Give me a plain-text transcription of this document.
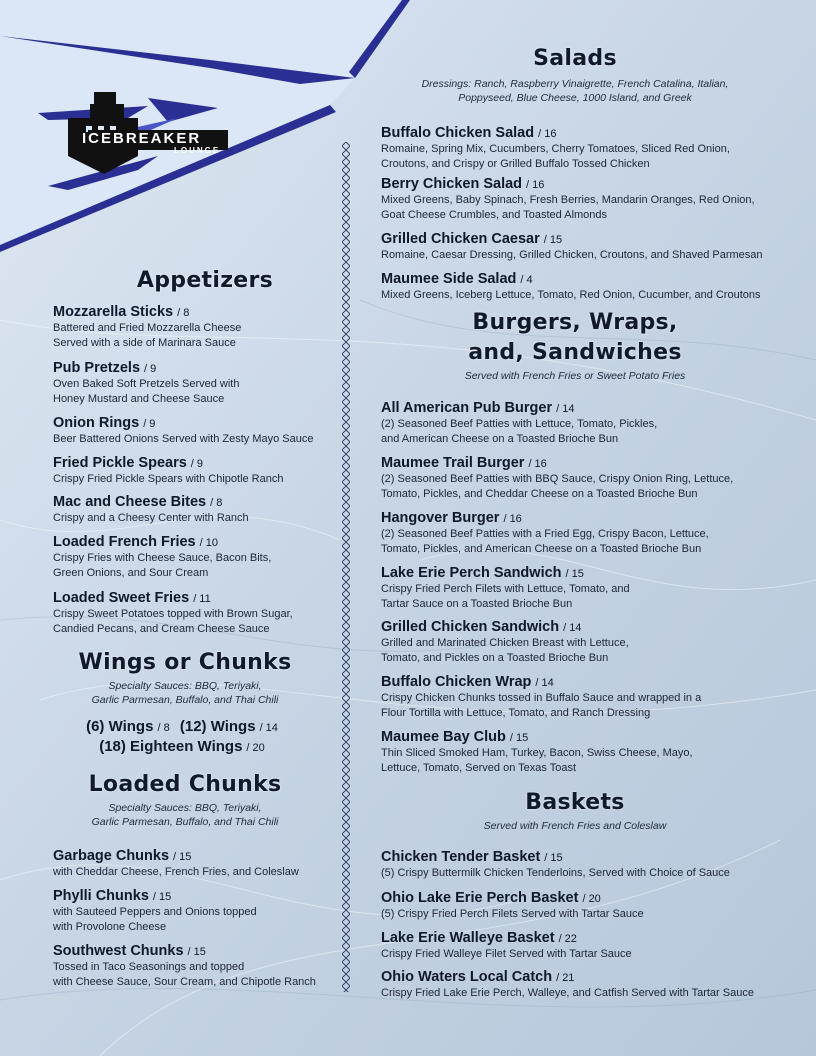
ICEBREAKER
LOUNGE
Salads
Dressings: Ranch, Raspberry Vinaigrette, French Catalina, Italian,
Poppyseed, Blue Cheese, 1000 Island, and Greek
Buffalo Chicken Salad / 16
Romaine, Spring Mix, Cucumbers, Cherry Tomatoes, Sliced Red Onion,
Croutons, and Crispy or Grilled Buffalo Tossed Chicken
Berry Chicken Salad / 16
Mixed Greens, Baby Spinach, Fresh Berries, Mandarin Oranges, Red Onion,
Goat Cheese Crumbles, and Toasted Almonds
Grilled Chicken Caesar / 15
Romaine, Caesar Dressing, Grilled Chicken, Croutons, and Shaved Parmesan
Maumee Side Salad / 4
Mixed Greens, Iceberg Lettuce, Tomato, Red Onion, Cucumber, and Croutons
Burgers, Wraps,
and, Sandwiches
Served with French Fries or Sweet Potato Fries
All American Pub Burger / 14
(2) Seasoned Beef Patties with Lettuce, Tomato, Pickles,
and American Cheese on a Toasted Brioche Bun
Maumee Trail Burger / 16
(2) Seasoned Beef Patties with BBQ Sauce, Crispy Onion Ring, Lettuce,
Tomato, Pickles, and Cheddar Cheese on a Toasted Brioche Bun
Hangover Burger / 16
(2) Seasoned Beef Patties with a Fried Egg, Crispy Bacon, Lettuce,
Tomato, Pickles, and American Cheese on a Toasted Brioche Bun
Lake Erie Perch Sandwich / 15
Crispy Fried Perch Filets with Lettuce, Tomato, and
Tartar Sauce on a Toasted Brioche Bun
Grilled Chicken Sandwich / 14
Grilled and Marinated Chicken Breast with Lettuce,
Tomato, and Pickles on a Toasted Brioche Bun
Buffalo Chicken Wrap / 14
Crispy Chicken Chunks tossed in Buffalo Sauce and wrapped in a
Flour Tortilla with Lettuce, Tomato, and Ranch Dressing
Maumee Bay Club / 15
Thin Sliced Smoked Ham, Turkey, Bacon, Swiss Cheese, Mayo,
Lettuce, Tomato, Served on Texas Toast
Baskets
Served with French Fries and Coleslaw
Chicken Tender Basket / 15
(5) Crispy Buttermilk Chicken Tenderloins, Served with Choice of Sauce
Ohio Lake Erie Perch Basket / 20
(5) Crispy Fried Perch Filets Served with Tartar Sauce
Lake Erie Walleye Basket / 22
Crispy Fried Walleye Filet Served with Tartar Sauce
Ohio Waters Local Catch / 21
Crispy Fried Lake Erie Perch, Walleye, and Catfish Served with Tartar Sauce
Appetizers
Mozzarella Sticks / 8
Battered and Fried Mozzarella Cheese
Served with a side of Marinara Sauce
Pub Pretzels / 9
Oven Baked Soft Pretzels Served with
Honey Mustard and Cheese Sauce
Onion Rings / 9
Beer Battered Onions Served with Zesty Mayo Sauce
Fried Pickle Spears / 9
Crispy Fried Pickle Spears with Chipotle Ranch
Mac and Cheese Bites / 8
Crispy and a Cheesy Center with Ranch
Loaded French Fries / 10
Crispy Fries with Cheese Sauce, Bacon Bits,
Green Onions, and Sour Cream
Loaded Sweet Fries / 11
Crispy Sweet Potatoes topped with Brown Sugar,
Candied Pecans, and Cream Cheese Sauce
Wings or Chunks
Specialty Sauces: BBQ, Teriyaki,
Garlic Parmesan, Buffalo, and Thai Chili
(6) Wings / 8 (12) Wings / 14
(18) Eighteen Wings / 20
Loaded Chunks
Specialty Sauces: BBQ, Teriyaki,
Garlic Parmesan, Buffalo, and Thai Chili
Garbage Chunks / 15
with Cheddar Cheese, French Fries, and Coleslaw
Phylli Chunks / 15
with Sauteed Peppers and Onions topped
with Provolone Cheese
Southwest Chunks / 15
Tossed in Taco Seasonings and topped
with Cheese Sauce, Sour Cream, and Chipotle Ranch
